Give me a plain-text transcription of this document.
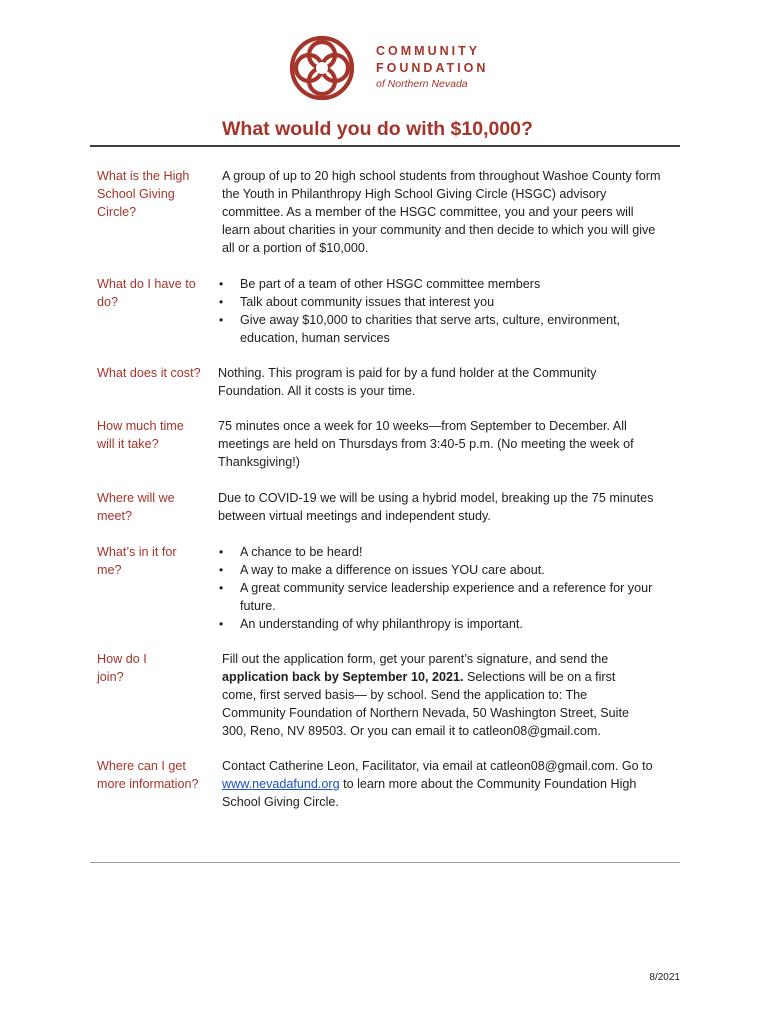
COMMUNITY
FOUNDATION
of Northern Nevada
What would you do with $10,000?
What is the High School Giving Circle?
A group of up to 20 high school students from throughout Washoe County form the Youth in Philanthropy High School Giving Circle (HSGC) advisory committee. As a member of the HSGC committee, you and your peers will learn about charities in your community and then decide to which you will give all or a portion of $10,000.
What do I have to do?
• Be part of a team of other HSGC committee members
• Talk about community issues that interest you
• Give away $10,000 to charities that serve arts, culture, environment, education, human services
What does it cost?	Nothing. This program is paid for by a fund holder at the Community Foundation. All it costs is your time.
How much time will it take?
75 minutes once a week for 10 weeks—from September to December. All meetings are held on Thursdays from 3:40-5 p.m. (No meeting the week of Thanksgiving!)
Where will we meet?
Due to COVID-19 we will be using a hybrid model, breaking up the 75 minutes between virtual meetings and independent study.
What’s in it for me?
• A chance to be heard!
• A way to make a difference on issues YOU care about.
• A great community service leadership experience and a reference for your future.
• An understanding of why philanthropy is important.
How do I join?
Fill out the application form, get your parent’s signature, and send the application back by September 10, 2021. Selections will be on a first come, first served basis— by school. Send the application to: The Community Foundation of Northern Nevada, 50 Washington Street, Suite 300, Reno, NV 89503. Or you can email it to catleon08@gmail.com.
Where can I get more information?
Contact Catherine Leon, Facilitator, via email at catleon08@gmail.com. Go to www.nevadafund.org to learn more about the Community Foundation High School Giving Circle.
8/2021
